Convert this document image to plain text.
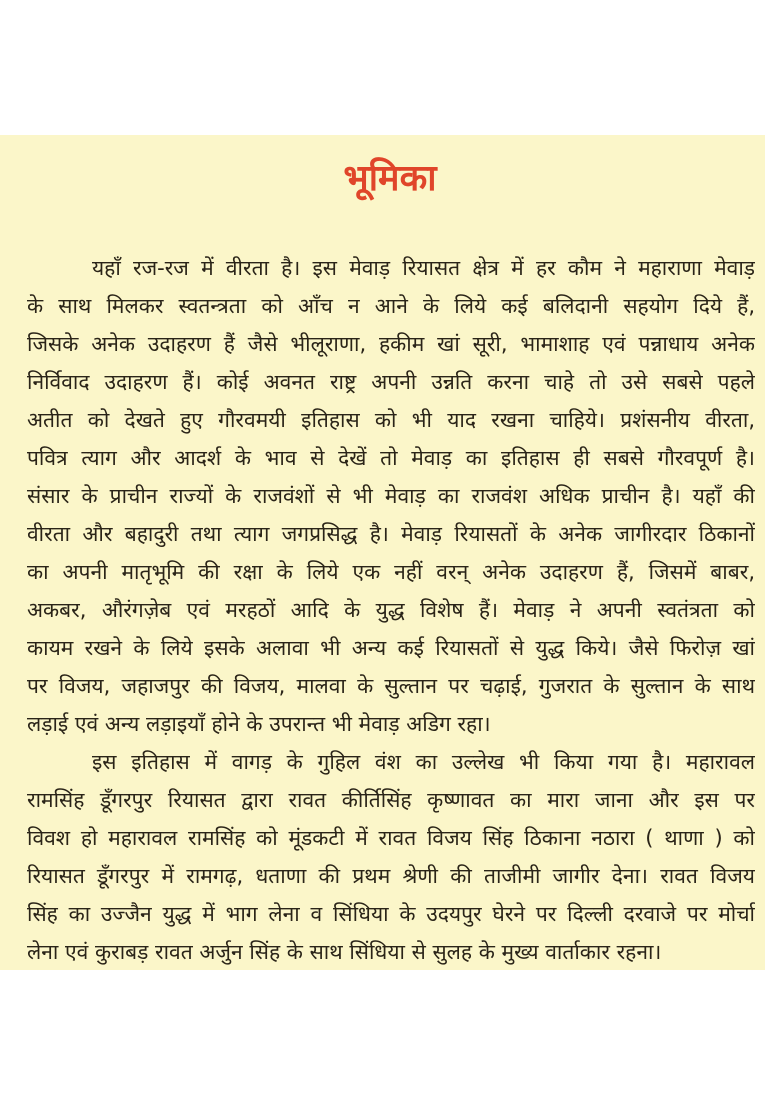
भूमिका
यहाँ रज-रज में वीरता है। इस मेवाड़ रियासत क्षेत्र में हर कौम ने महाराणा मेवाड़
के साथ मिलकर स्वतन्त्रता को आँच न आने के लिये कई बलिदानी सहयोग दिये हैं,
जिसके अनेक उदाहरण हैं जैसे भीलूराणा, हकीम खां सूरी, भामाशाह एवं पन्नाधाय अनेक
निर्विवाद उदाहरण हैं। कोई अवनत राष्ट्र अपनी उन्नति करना चाहे तो उसे सबसे पहले
अतीत को देखते हुए गौरवमयी इतिहास को भी याद रखना चाहिये। प्रशंसनीय वीरता,
पवित्र त्याग और आदर्श के भाव से देखें तो मेवाड़ का इतिहास ही सबसे गौरवपूर्ण है।
संसार के प्राचीन राज्यों के राजवंशों से भी मेवाड़ का राजवंश अधिक प्राचीन है। यहाँ की
वीरता और बहादुरी तथा त्याग जगप्रसिद्ध है। मेवाड़ रियासतों के अनेक जागीरदार ठिकानों
का अपनी मातृभूमि की रक्षा के लिये एक नहीं वरन् अनेक उदाहरण हैं, जिसमें बाबर,
अकबर, औरंगज़ेब एवं मरहठों आदि के युद्ध विशेष हैं। मेवाड़ ने अपनी स्वतंत्रता को
कायम रखने के लिये इसके अलावा भी अन्य कई रियासतों से युद्ध किये। जैसे फिरोज़ खां
पर विजय, जहाजपुर की विजय, मालवा के सुल्तान पर चढ़ाई, गुजरात के सुल्तान के साथ
लड़ाई एवं अन्य लड़ाइयाँ होने के उपरान्त भी मेवाड़ अडिग रहा।
इस इतिहास में वागड़ के गुहिल वंश का उल्लेख भी किया गया है। महारावल
रामसिंह डूँगरपुर रियासत द्वारा रावत कीर्तिसिंह कृष्णावत का मारा जाना और इस पर
विवश हो महारावल रामसिंह को मूंडकटी में रावत विजय सिंह ठिकाना नठारा ( थाणा ) को
रियासत डूँगरपुर में रामगढ़, धताणा की प्रथम श्रेणी की ताजीमी जागीर देना। रावत विजय
सिंह का उज्जैन युद्ध में भाग लेना व सिंधिया के उदयपुर घेरने पर दिल्ली दरवाजे पर मोर्चा
लेना एवं कुराबड़ रावत अर्जुन सिंह के साथ सिंधिया से सुलह के मुख्य वार्ताकार रहना।
